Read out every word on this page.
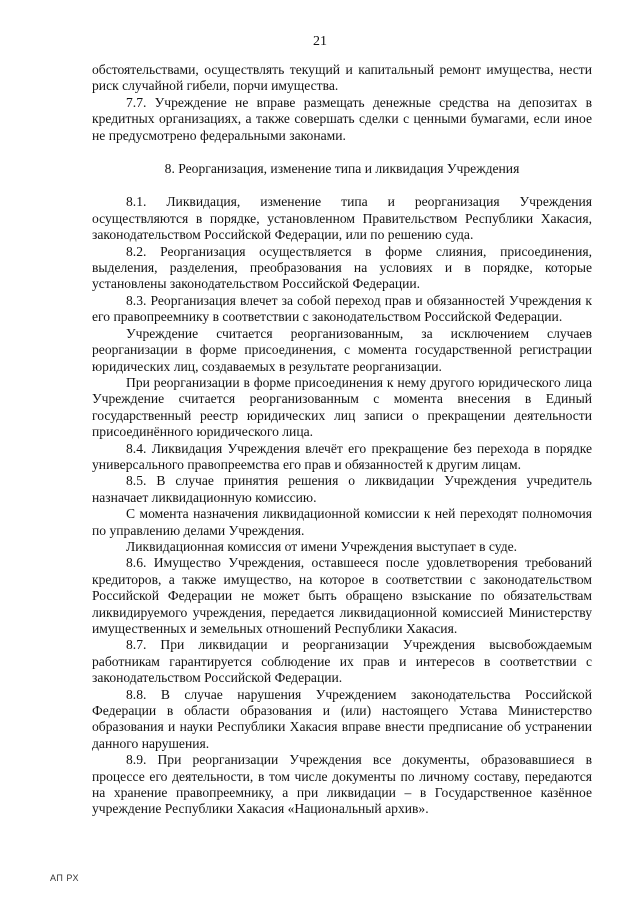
21

обстоятельствами, осуществлять текущий и капитальный ремонт имущества, нести риск случайной гибели, порчи имущества.

7.7. Учреждение не вправе размещать денежные средства на депозитах в кредитных организациях, а также совершать сделки с ценными бумагами, если иное не предусмотрено федеральными законами.

8. Реорганизация, изменение типа и ликвидация Учреждения

8.1. Ликвидация, изменение типа и реорганизация Учреждения осуществляются в порядке, установленном Правительством Республики Хакасия, законодательством Российской Федерации, или по решению суда.

8.2. Реорганизация осуществляется в форме слияния, присоединения, выделения, разделения, преобразования на условиях и в порядке, которые установлены законодательством Российской Федерации.

8.3. Реорганизация влечет за собой переход прав и обязанностей Учреждения к его правопреемнику в соответствии с законодательством Российской Федерации.

Учреждение считается реорганизованным, за исключением случаев реорганизации в форме присоединения, с момента государственной регистрации юридических лиц, создаваемых в результате реорганизации.

При реорганизации в форме присоединения к нему другого юридического лица Учреждение считается реорганизованным с момента внесения в Единый государственный реестр юридических лиц записи о прекращении деятельности присоединённого юридического лица.

8.4. Ликвидация Учреждения влечёт его прекращение без перехода в порядке универсального правопреемства его прав и обязанностей к другим лицам.

8.5. В случае принятия решения о ликвидации Учреждения учредитель назначает ликвидационную комиссию.

С момента назначения ликвидационной комиссии к ней переходят полномочия по управлению делами Учреждения.

Ликвидационная комиссия от имени Учреждения выступает в суде.

8.6. Имущество Учреждения, оставшееся после удовлетворения требований кредиторов, а также имущество, на которое в соответствии с законодательством Российской Федерации не может быть обращено взыскание по обязательствам ликвидируемого учреждения, передается ликвидационной комиссией Министерству имущественных и земельных отношений Республики Хакасия.

8.7. При ликвидации и реорганизации Учреждения высвобождаемым работникам гарантируется соблюдение их прав и интересов в соответствии с законодательством Российской Федерации.

8.8. В случае нарушения Учреждением законодательства Российской Федерации в области образования и (или) настоящего Устава Министерство образования и науки Республики Хакасия вправе внести предписание об устранении данного нарушения.

8.9. При реорганизации Учреждения все документы, образовавшиеся в процессе его деятельности, в том числе документы по личному составу, передаются на хранение правопреемнику, а при ликвидации – в Государственное казённое учреждение Республики Хакасия «Национальный архив».

АП РХ
